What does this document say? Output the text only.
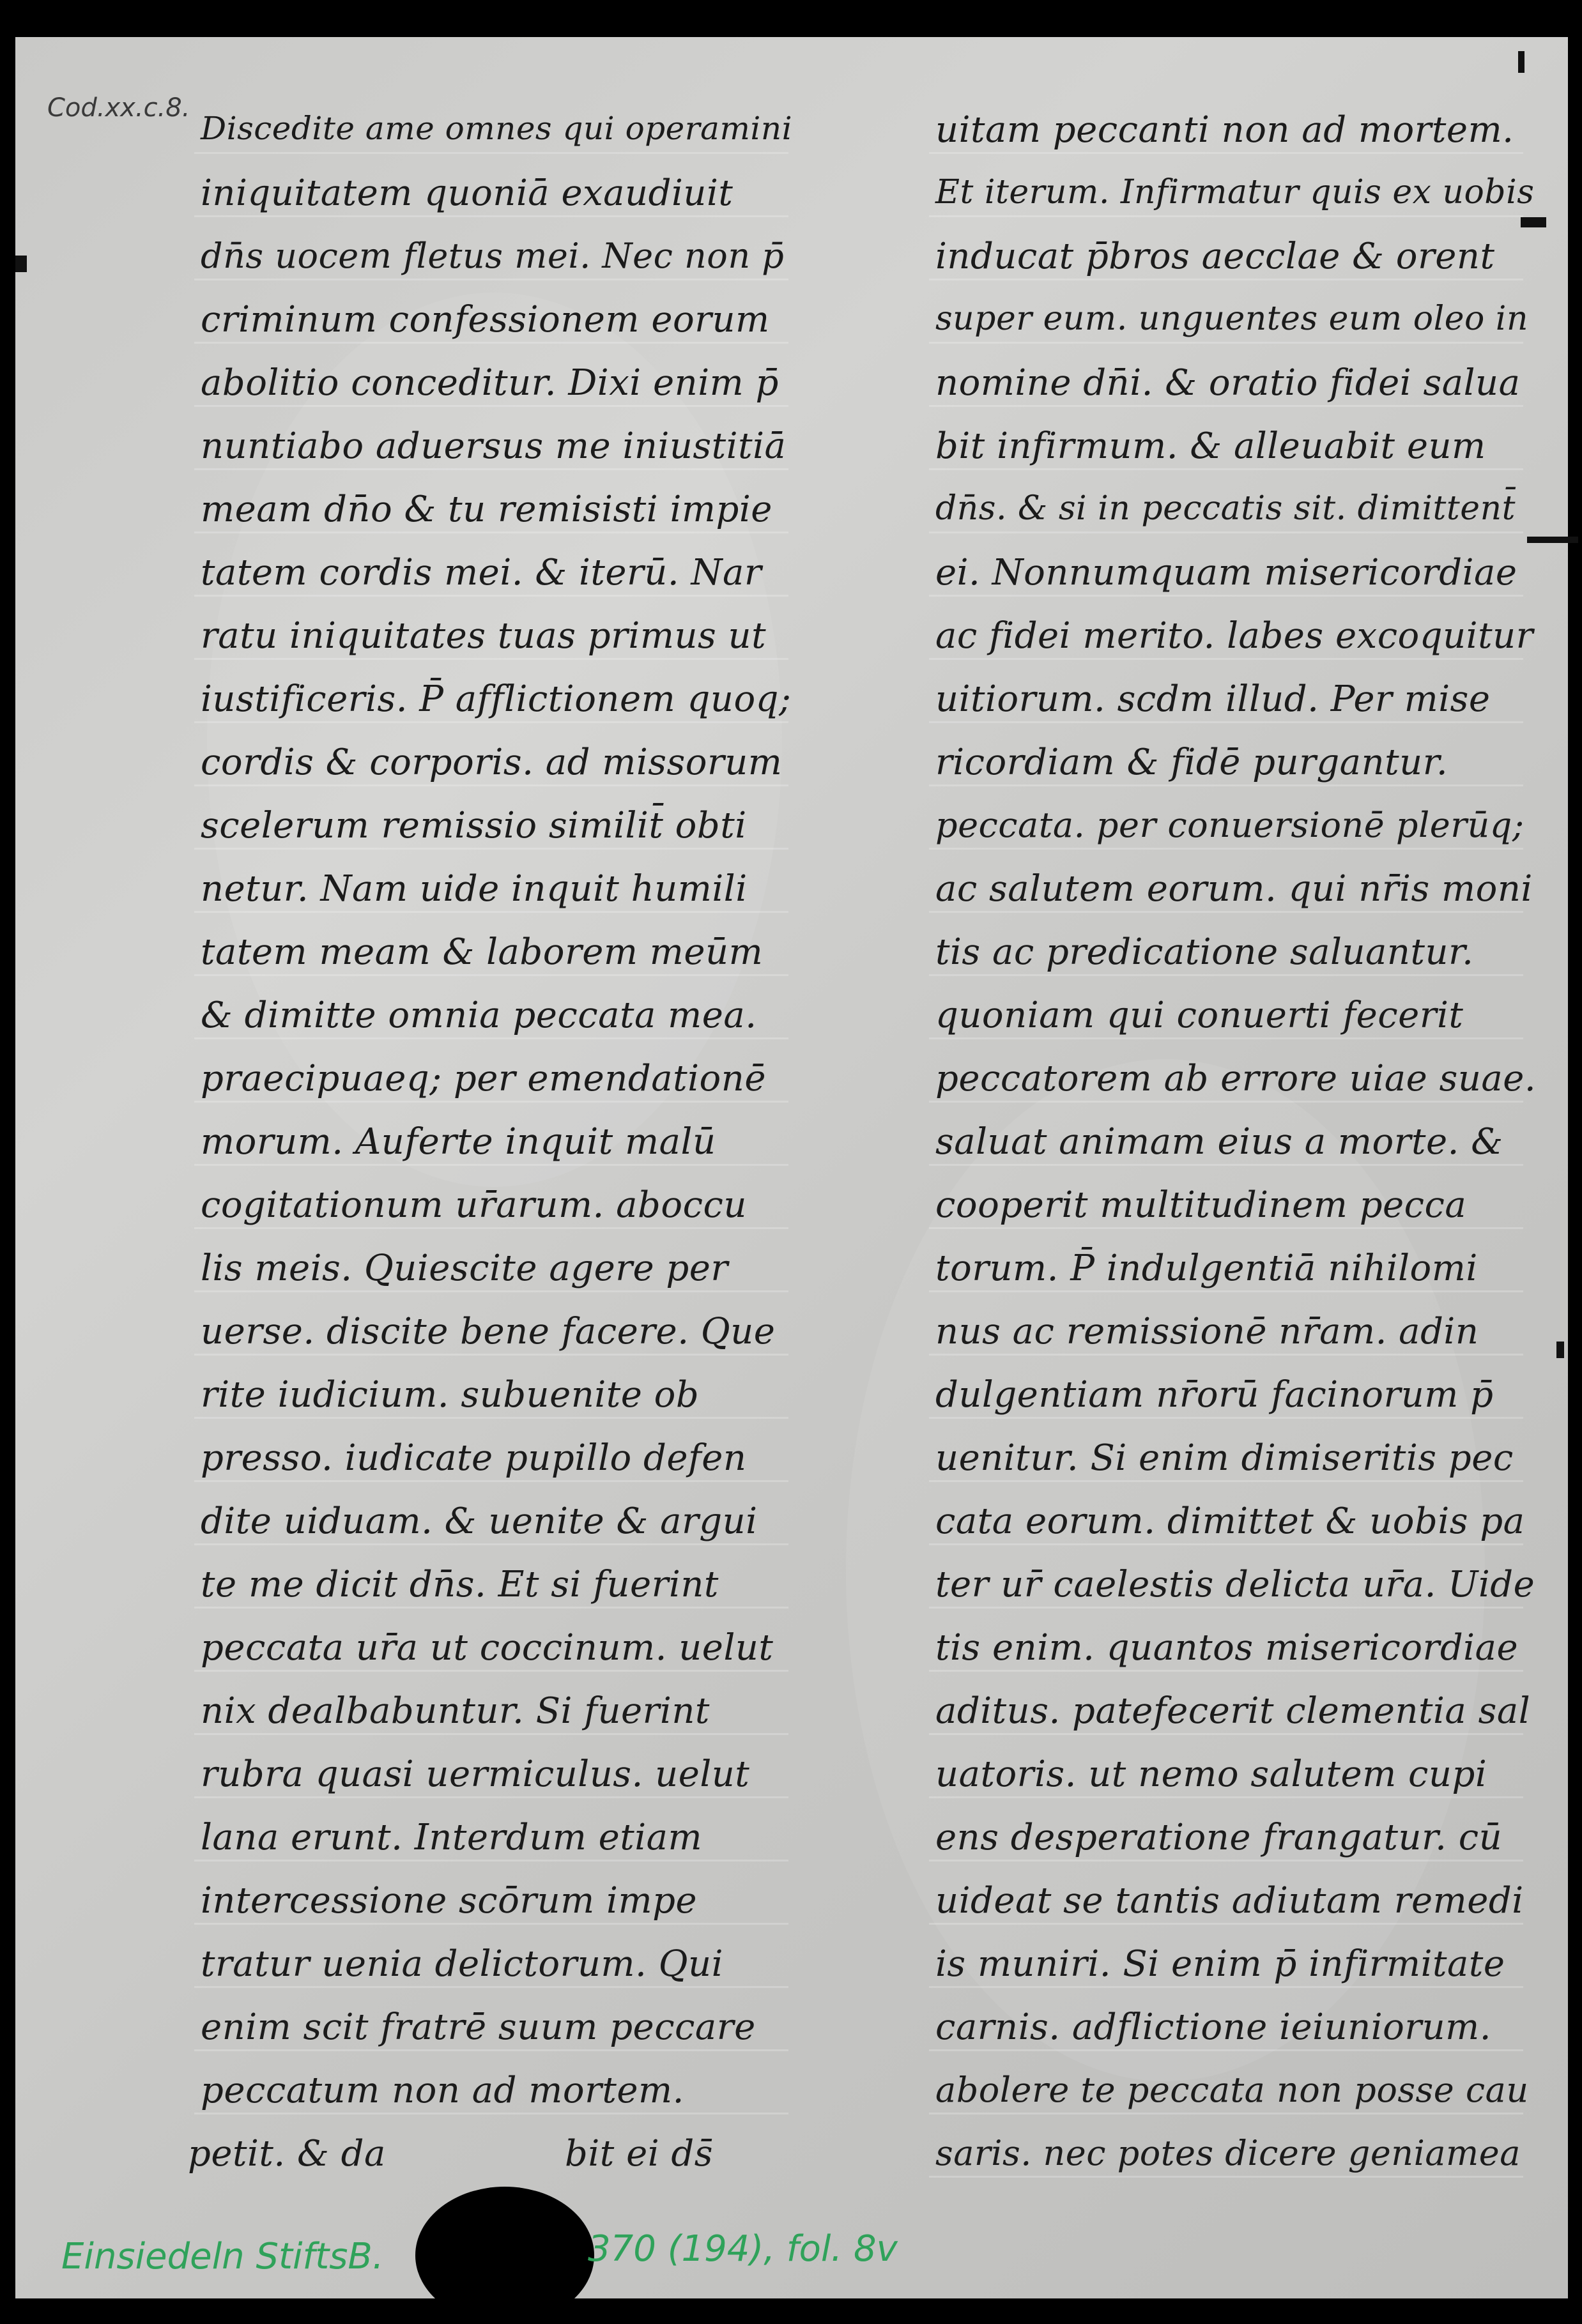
Cod.xx.c.8.
Discedite ame omnes qui operamini
iniquitatem quoniā exaudiuit
dn̄s uocem fletus mei. Nec non p̄
criminum confessionem eorum
abolitio conceditur. Dixi enim p̄
nuntiabo aduersus me iniustitiā
meam dn̄o & tu remisisti impie
tatem cordis mei. & iterū. Nar
ratu iniquitates tuas primus ut
iustificeris. P̄ afflictionem quoq;
cordis & corporis. ad missorum
scelerum remissio similit̄ obti
netur. Nam uide inquit humili
tatem meam & laborem meūm
& dimitte omnia peccata mea.
praecipuaeq; per emendationē
morum. Auferte inquit malū
cogitationum ur̄arum. aboccu
lis meis. Quiescite agere per
uerse. discite bene facere. Que
rite iudicium. subuenite ob
presso. iudicate pupillo defen
dite uiduam. & uenite & argui
te me dicit dn̄s. Et si fuerint
peccata ur̄a ut coccinum. uelut
nix dealbabuntur. Si fuerint
rubra quasi uermiculus. uelut
lana erunt. Interdum etiam
intercessione scōrum impe
tratur uenia delictorum. Qui
enim scit fratrē suum peccare
peccatum non ad mortem.
petit. & da	bit ei ds̄
uitam peccanti non ad mortem.
Et iterum. Infirmatur quis ex uobis
inducat p̄bros aecclae & orent
super eum. unguentes eum oleo in
nomine dn̄i. & oratio fidei salua
bit infirmum. & alleuabit eum
dn̄s. & si in peccatis sit. dimittent̄
ei. Nonnumquam misericordiae
ac fidei merito. labes excoquitur
uitiorum. scdm illud. Per mise
ricordiam & fidē purgantur.
peccata. per conuersionē plerūq;
ac salutem eorum. qui nr̄is moni
tis ac predicatione saluantur.
quoniam qui conuerti fecerit
peccatorem ab errore uiae suae.
saluat animam eius a morte. &
cooperit multitudinem pecca
torum. P̄ indulgentiā nihilomi
nus ac remissionē nr̄am. adin
dulgentiam nr̄orū facinorum p̄
uenitur. Si enim dimiseritis pec
cata eorum. dimittet & uobis pa
ter ur̄ caelestis delicta ur̄a. Uide
tis enim. quantos misericordiae
aditus. patefecerit clementia sal
uatoris. ut nemo salutem cupi
ens desperatione frangatur. cū
uideat se tantis adiutam remedi
is muniri. Si enim p̄ infirmitate
carnis. adflictione ieiuniorum.
abolere te peccata non posse cau
saris. nec potes dicere geniamea
Einsiedeln StiftsB.	370 (194), fol. 8v
